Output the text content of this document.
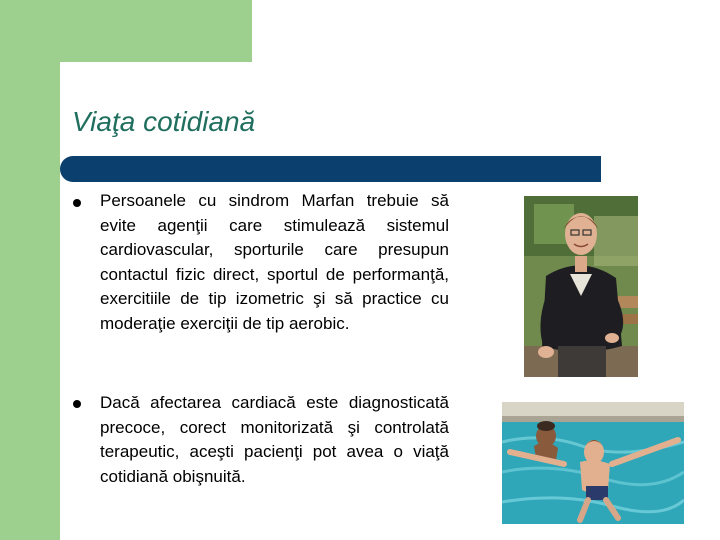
Viaţa cotidiană
Persoanele cu sindrom Marfan trebuie să evite agenţii care stimulează sistemul cardiovascular, sporturile care presupun contactul fizic direct, sportul de performanţă, exercitiile de tip izometric şi să practice cu moderaţie exerciţii de tip aerobic.
Dacă afectarea cardiacă este diagnosticată precoce, corect monitorizată şi controlată terapeutic, aceşti pacienţi pot avea o viaţă cotidiană obişnuită.
